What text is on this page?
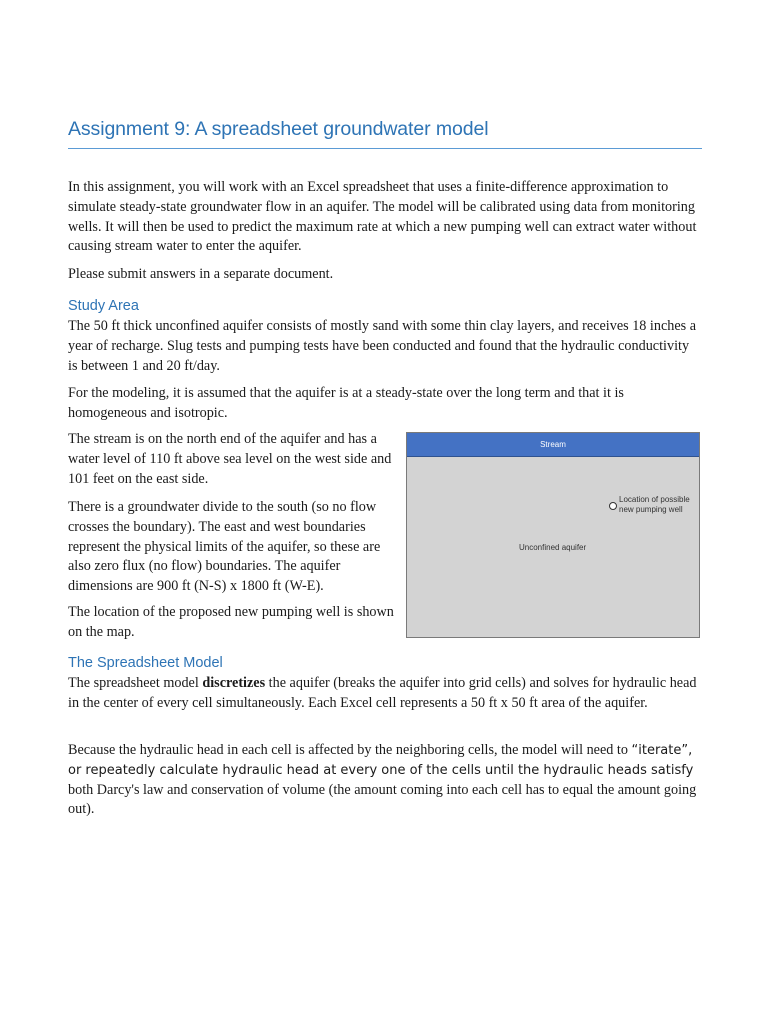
Assignment 9: A spreadsheet groundwater model

In this assignment, you will work with an Excel spreadsheet that uses a finite-difference approximation to simulate steady-state groundwater flow in an aquifer. The model will be calibrated using data from monitoring wells. It will then be used to predict the maximum rate at which a new pumping well can extract water without causing stream water to enter the aquifer.

Please submit answers in a separate document.

Study Area

The 50 ft thick unconfined aquifer consists of mostly sand with some thin clay layers, and receives 18 inches a year of recharge. Slug tests and pumping tests have been conducted and found that the hydraulic conductivity is between 1 and 20 ft/day.

For the modeling, it is assumed that the aquifer is at a steady-state over the long term and that it is homogeneous and isotropic.

The stream is on the north end of the aquifer and has a water level of 110 ft above sea level on the west side and 101 feet on the east side.

There is a groundwater divide to the south (so no flow crosses the boundary). The east and west boundaries represent the physical limits of the aquifer, so these are also zero flux (no flow) boundaries. The aquifer dimensions are 900 ft (N-S) x 1800 ft (W-E).

The location of the proposed new pumping well is shown on the map.

The Spreadsheet Model

The spreadsheet model discretizes the aquifer (breaks the aquifer into grid cells) and solves for hydraulic head in the center of every cell simultaneously. Each Excel cell represents a 50 ft x 50 ft area of the aquifer.

Because the hydraulic head in each cell is affected by the neighboring cells, the model will need to “iterate”, or repeatedly calculate hydraulic head at every one of the cells until the hydraulic heads satisfy both Darcy's law and conservation of volume (the amount coming into each cell has to equal the amount going out).

Stream
Unconfined aquifer
Location of possible new pumping well
